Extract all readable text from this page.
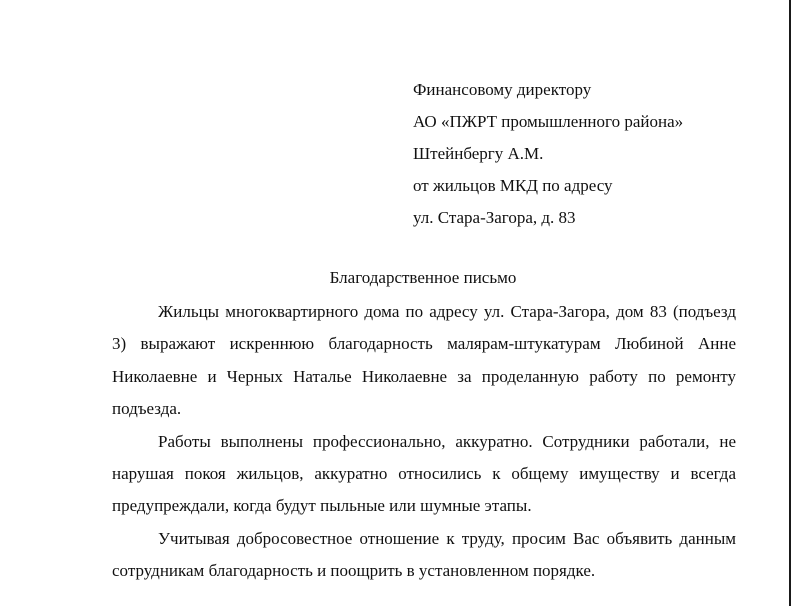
Финансовому директору
АО «ПЖРТ промышленного района»
Штейнбергу А.М.
от жильцов МКД по адресу
ул. Стара-Загора, д. 83
Благодарственное письмо

Жильцы многоквартирного дома по адресу ул. Стара-Загора, дом 83 (подъезд 3) выражают искреннюю благодарность малярам-штукатурам Любиной Анне Николаевне и Черных Наталье Николаевне за проделанную работу по ремонту подъезда.

Работы выполнены профессионально, аккуратно. Сотрудники работали, не нарушая покоя жильцов, аккуратно относились к общему имуществу и всегда предупреждали, когда будут пыльные или шумные этапы.

Учитывая добросовестное отношение к труду, просим Вас объявить данным сотрудникам благодарность и поощрить в установленном порядке.
